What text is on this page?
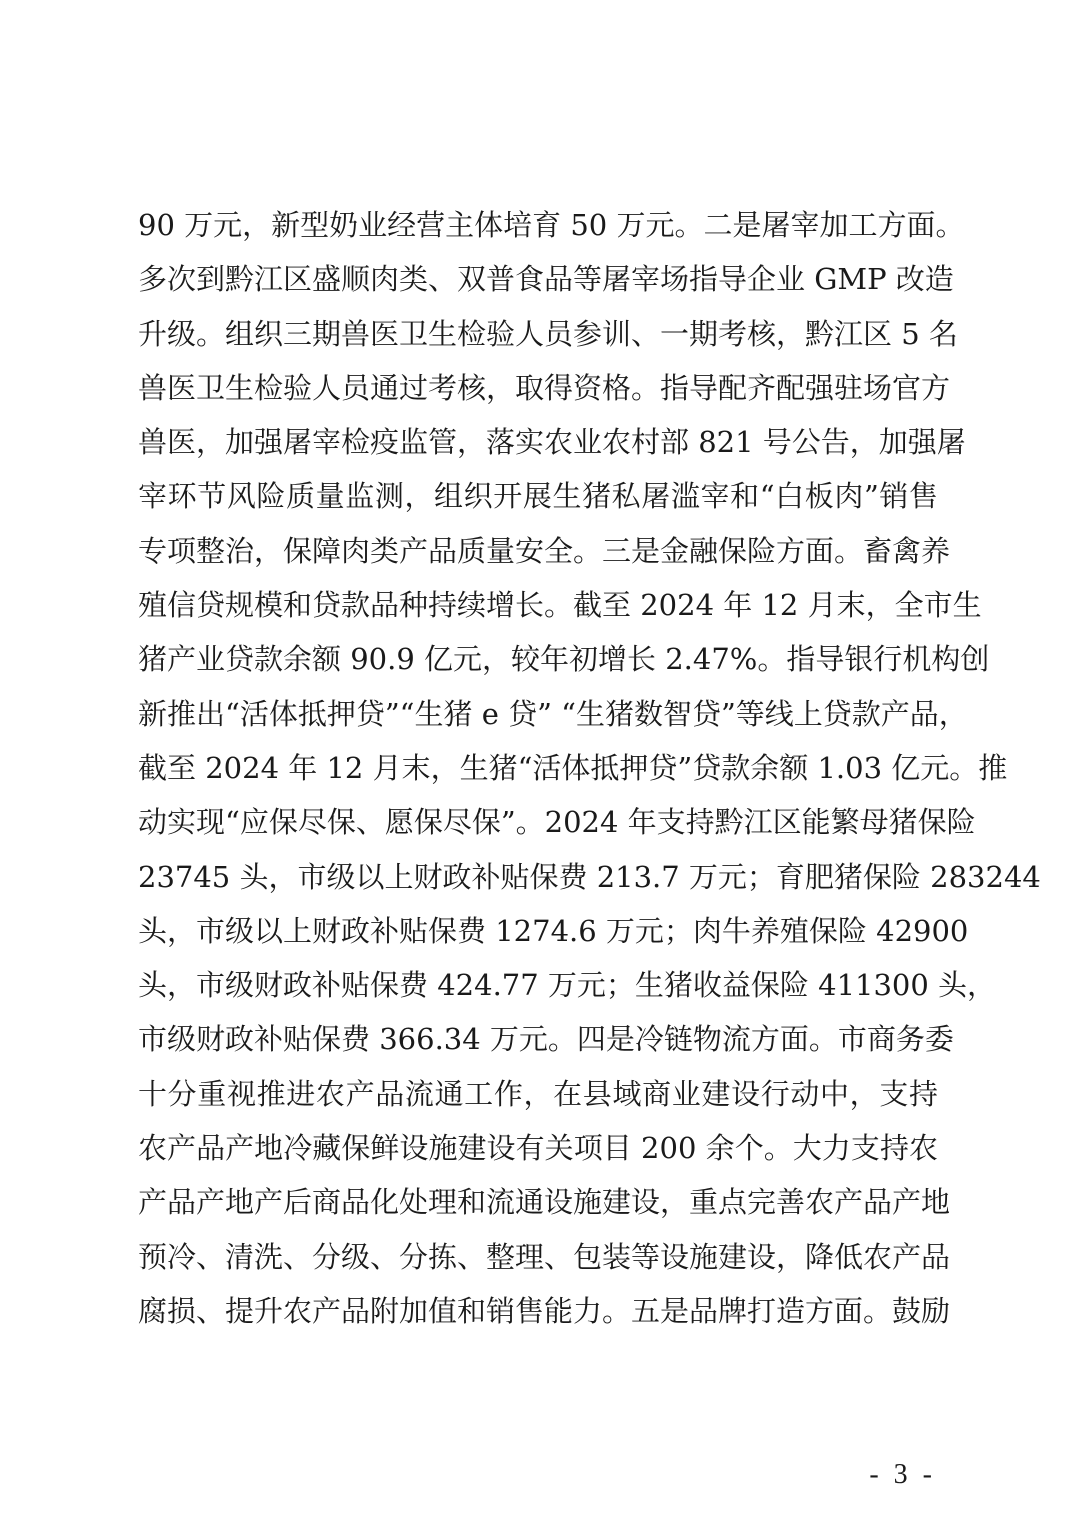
90 万元，新型奶业经营主体培育 50 万元。二是屠宰加工方面。
多次到黔江区盛顺肉类、双普食品等屠宰场指导企业 GMP 改造
升级。组织三期兽医卫生检验人员参训、一期考核，黔江区 5 名
兽医卫生检验人员通过考核，取得资格。指导配齐配强驻场官方
兽医，加强屠宰检疫监管，落实农业农村部 821 号公告，加强屠
宰环节风险质量监测，组织开展生猪私屠滥宰和“白板肉”销售
专项整治，保障肉类产品质量安全。三是金融保险方面。畜禽养
殖信贷规模和贷款品种持续增长。截至 2024 年 12 月末，全市生
猪产业贷款余额 90.9 亿元，较年初增长 2.47%。指导银行机构创
新推出“活体抵押贷”“生猪 e 贷” “生猪数智贷”等线上贷款产品，
截至 2024 年 12 月末，生猪“活体抵押贷”贷款余额 1.03 亿元。推
动实现“应保尽保、愿保尽保”。2024 年支持黔江区能繁母猪保险
23745 头，市级以上财政补贴保费 213.7 万元；育肥猪保险 283244
头，市级以上财政补贴保费 1274.6 万元；肉牛养殖保险 42900
头，市级财政补贴保费 424.77 万元；生猪收益保险 411300 头，
市级财政补贴保费 366.34 万元。四是冷链物流方面。市商务委
十分重视推进农产品流通工作，在县域商业建设行动中，支持
农产品产地冷藏保鲜设施建设有关项目 200 余个。大力支持农
产品产地产后商品化处理和流通设施建设，重点完善农产品产地
预冷、清洗、分级、分拣、整理、包装等设施建设，降低农产品
腐损、提升农产品附加值和销售能力。五是品牌打造方面。鼓励
- 3 -
